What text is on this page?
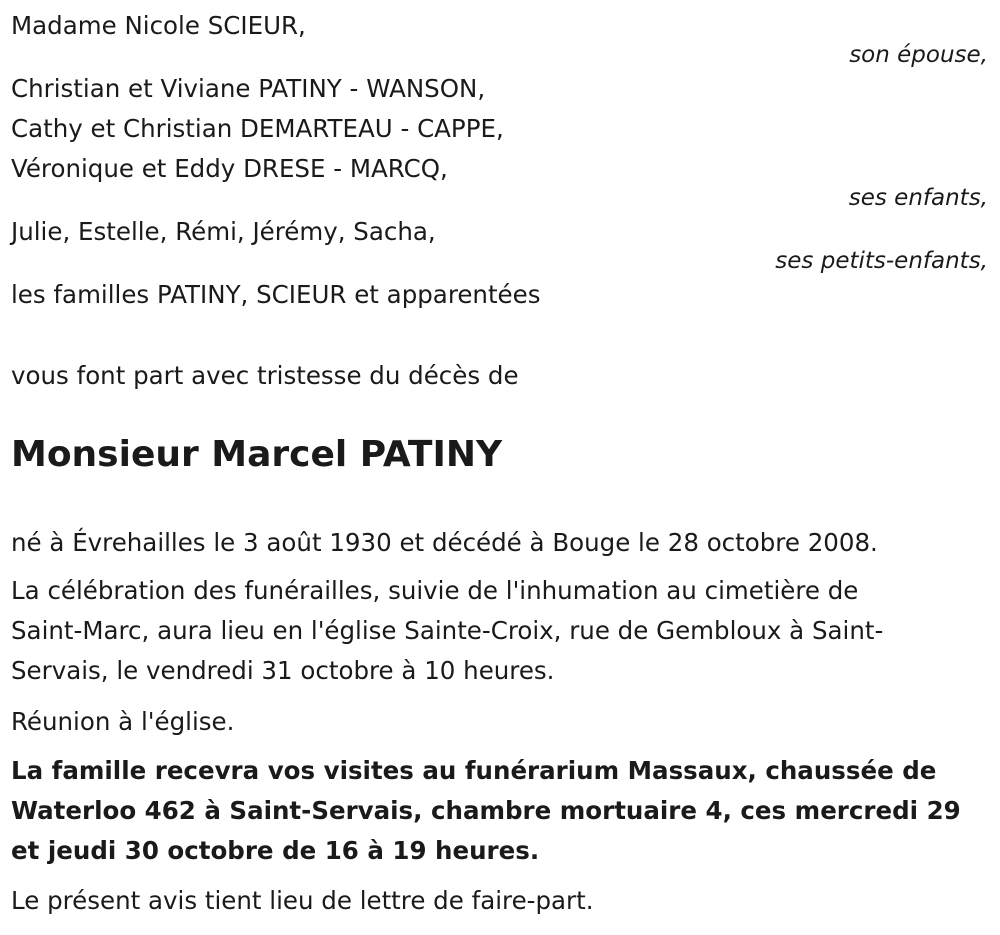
Madame Nicole SCIEUR,

son épouse,

Christian et Viviane PATINY - WANSON,

Cathy et Christian DEMARTEAU - CAPPE,

Véronique et Eddy DRESE - MARCQ,

ses enfants,

Julie, Estelle, Rémi, Jérémy, Sacha,

ses petits-enfants,

les familles PATINY, SCIEUR et apparentées

vous font part avec tristesse du décès de

Monsieur Marcel PATINY

né à Évrehailles le 3 août 1930 et décédé à Bouge le 28 octobre 2008.

La célébration des funérailles, suivie de l'inhumation au cimetière de

Saint-Marc, aura lieu en l'église Sainte-Croix, rue de Gembloux à Saint-

Servais, le vendredi 31 octobre à 10 heures.

Réunion à l'église.

La famille recevra vos visites au funérarium Massaux, chaussée de

Waterloo 462 à Saint-Servais, chambre mortuaire 4, ces mercredi 29

et jeudi 30 octobre de 16 à 19 heures.

Le présent avis tient lieu de lettre de faire-part.
